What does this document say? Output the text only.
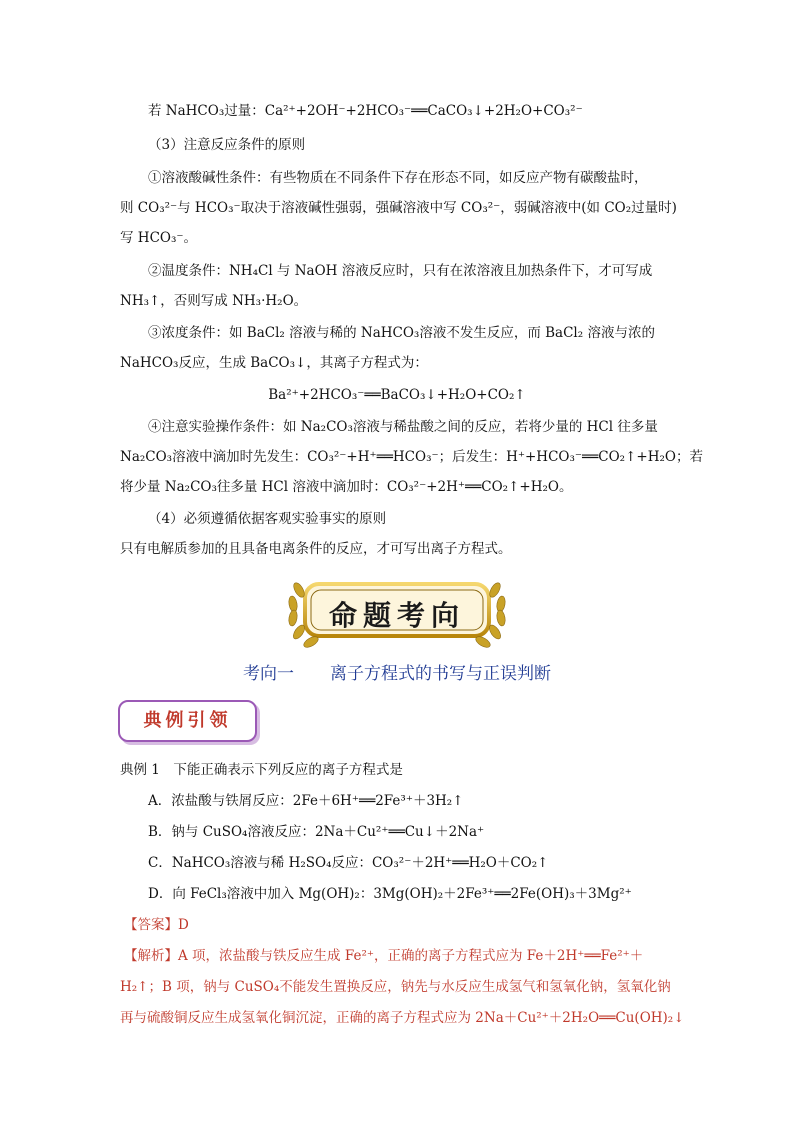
若 NaHCO₃过量：Ca²⁺+2OH⁻+2HCO₃⁻══CaCO₃↓+2H₂O+CO₃²⁻
（3）注意反应条件的原则
①溶液酸碱性条件：有些物质在不同条件下存在形态不同，如反应产物有碳酸盐时，
则 CO₃²⁻与 HCO₃⁻取决于溶液碱性强弱，强碱溶液中写 CO₃²⁻，弱碱溶液中(如 CO₂过量时)
写 HCO₃⁻。
②温度条件：NH₄Cl 与 NaOH 溶液反应时，只有在浓溶液且加热条件下，才可写成
NH₃↑，否则写成 NH₃·H₂O。
③浓度条件：如 BaCl₂ 溶液与稀的 NaHCO₃溶液不发生反应，而 BaCl₂ 溶液与浓的
NaHCO₃反应，生成 BaCO₃↓，其离子方程式为：
Ba²⁺+2HCO₃⁻══BaCO₃↓+H₂O+CO₂↑
④注意实验操作条件：如 Na₂CO₃溶液与稀盐酸之间的反应，若将少量的 HCl 往多量
Na₂CO₃溶液中滴加时先发生：CO₃²⁻+H⁺══HCO₃⁻；后发生：H⁺+HCO₃⁻══CO₂↑+H₂O；若
将少量 Na₂CO₃往多量 HCl 溶液中滴加时：CO₃²⁻+2H⁺══CO₂↑+H₂O。
（4）必须遵循依据客观实验事实的原则
只有电解质参加的且具备电离条件的反应，才可写出离子方程式。
命题考向
考向一 离子方程式的书写与正误判断
典例引领
典例 1　下能正确表示下列反应的离子方程式是
A．浓盐酸与铁屑反应：2Fe＋6H⁺══2Fe³⁺＋3H₂↑
B．钠与 CuSO₄溶液反应：2Na＋Cu²⁺══Cu↓＋2Na⁺
C．NaHCO₃溶液与稀 H₂SO₄反应：CO₃²⁻＋2H⁺══H₂O＋CO₂↑
D．向 FeCl₃溶液中加入 Mg(OH)₂：3Mg(OH)₂＋2Fe³⁺══2Fe(OH)₃＋3Mg²⁺
【答案】D
【解析】A 项，浓盐酸与铁反应生成 Fe²⁺，正确的离子方程式应为 Fe＋2H⁺══Fe²⁺＋
H₂↑；B 项，钠与 CuSO₄不能发生置换反应，钠先与水反应生成氢气和氢氧化钠，氢氧化钠
再与硫酸铜反应生成氢氧化铜沉淀，正确的离子方程式应为 2Na＋Cu²⁺＋2H₂O══Cu(OH)₂↓
